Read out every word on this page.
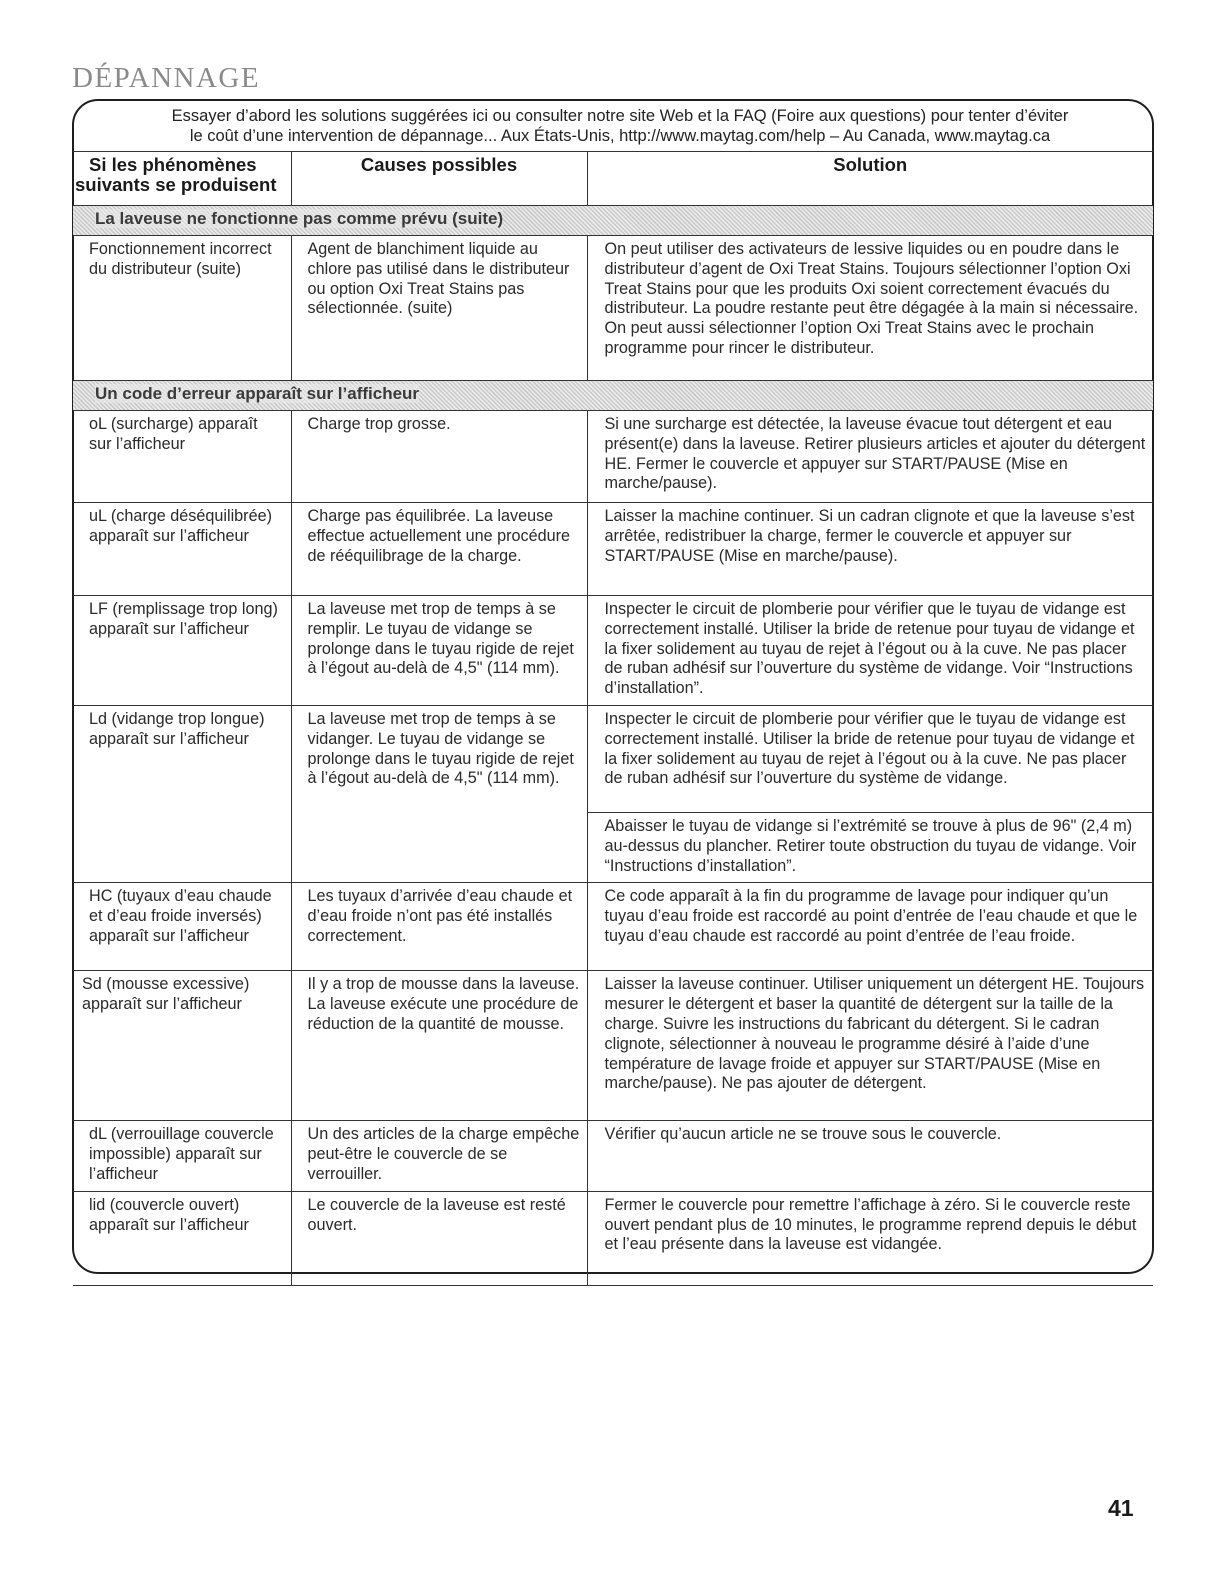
DÉPANNAGE
Essayer d’abord les solutions suggérées ici ou consulter notre site Web et la FAQ (Foire aux questions) pour tenter d’éviter
le coût d’une intervention de dépannage... Aux États-Unis, http://www.maytag.com/help – Au Canada, www.maytag.ca
Si les phénomènes
suivants se produisent	Causes possibles	Solution
La laveuse ne fonctionne pas comme prévu (suite)		
Fonctionnement incorrect du distributeur (suite)	Agent de blanchiment liquide au chlore pas utilisé dans le distributeur ou option Oxi Treat Stains pas sélectionnée. (suite)	On peut utiliser des activateurs de lessive liquides ou en poudre dans le distributeur d’agent de Oxi Treat Stains. Toujours sélectionner l’option Oxi Treat Stains pour que les produits Oxi soient correctement évacués du distributeur. La poudre restante peut être dégagée à la main si nécessaire. On peut aussi sélectionner l’option Oxi Treat Stains avec le prochain programme pour rincer le distributeur.
Un code d’erreur apparaît sur l’afficheur		
oL (surcharge) apparaît sur l’afficheur	Charge trop grosse.	Si une surcharge est détectée, la laveuse évacue tout détergent et eau présent(e) dans la laveuse. Retirer plusieurs articles et ajouter du détergent HE. Fermer le couvercle et appuyer sur START/PAUSE (Mise en marche/pause).
uL (charge déséquilibrée) apparaît sur l’afficheur	Charge pas équilibrée. La laveuse effectue actuellement une procédure de rééquilibrage de la charge.	Laisser la machine continuer. Si un cadran clignote et que la laveuse s’est arrêtée, redistribuer la charge, fermer le couvercle et appuyer sur START/PAUSE (Mise en marche/pause).
LF (remplissage trop long) apparaît sur l’afficheur	La laveuse met trop de temps à se remplir. Le tuyau de vidange se prolonge dans le tuyau rigide de rejet à l’égout au-delà de 4,5" (114 mm).	Inspecter le circuit de plomberie pour vérifier que le tuyau de vidange est correctement installé. Utiliser la bride de retenue pour tuyau de vidange et la fixer solidement au tuyau de rejet à l’égout ou à la cuve. Ne pas placer de ruban adhésif sur l’ouverture du système de vidange. Voir “Instructions d’installation”.
Ld (vidange trop longue) apparaît sur l’afficheur	La laveuse met trop de temps à se vidanger. Le tuyau de vidange se prolonge dans le tuyau rigide de rejet à l’égout au-delà de 4,5" (114 mm).	Inspecter le circuit de plomberie pour vérifier que le tuyau de vidange est correctement installé. Utiliser la bride de retenue pour tuyau de vidange et la fixer solidement au tuyau de rejet à l’égout ou à la cuve. Ne pas placer de ruban adhésif sur l’ouverture du système de vidange.
		Abaisser le tuyau de vidange si l’extrémité se trouve à plus de 96" (2,4 m) au-dessus du plancher. Retirer toute obstruction du tuyau de vidange. Voir “Instructions d’installation”.
HC (tuyaux d’eau chaude et d’eau froide inversés) apparaît sur l’afficheur	Les tuyaux d’arrivée d’eau chaude et d’eau froide n’ont pas été installés correctement.	Ce code apparaît à la fin du programme de lavage pour indiquer qu’un tuyau d’eau froide est raccordé au point d’entrée de l’eau chaude et que le tuyau d’eau chaude est raccordé au point d’entrée de l’eau froide.
Sd (mousse excessive) apparaît sur l’afficheur	Il y a trop de mousse dans la laveuse. La laveuse exécute une procédure de réduction de la quantité de mousse.	Laisser la laveuse continuer. Utiliser uniquement un détergent HE. Toujours mesurer le détergent et baser la quantité de détergent sur la taille de la charge. Suivre les instructions du fabricant du détergent. Si le cadran clignote, sélectionner à nouveau le programme désiré à l’aide d’une température de lavage froide et appuyer sur START/PAUSE (Mise en marche/pause). Ne pas ajouter de détergent.
dL (verrouillage couvercle impossible) apparaît sur l’afficheur	Un des articles de la charge empêche peut-être le couvercle de se verrouiller.	Vérifier qu’aucun article ne se trouve sous le couvercle.
lid (couvercle ouvert) apparaît sur l’afficheur	Le couvercle de la laveuse est resté ouvert.	Fermer le couvercle pour remettre l’affichage à zéro. Si le couvercle reste ouvert pendant plus de 10 minutes, le programme reprend depuis le début et l’eau présente dans la laveuse est vidangée.
41
